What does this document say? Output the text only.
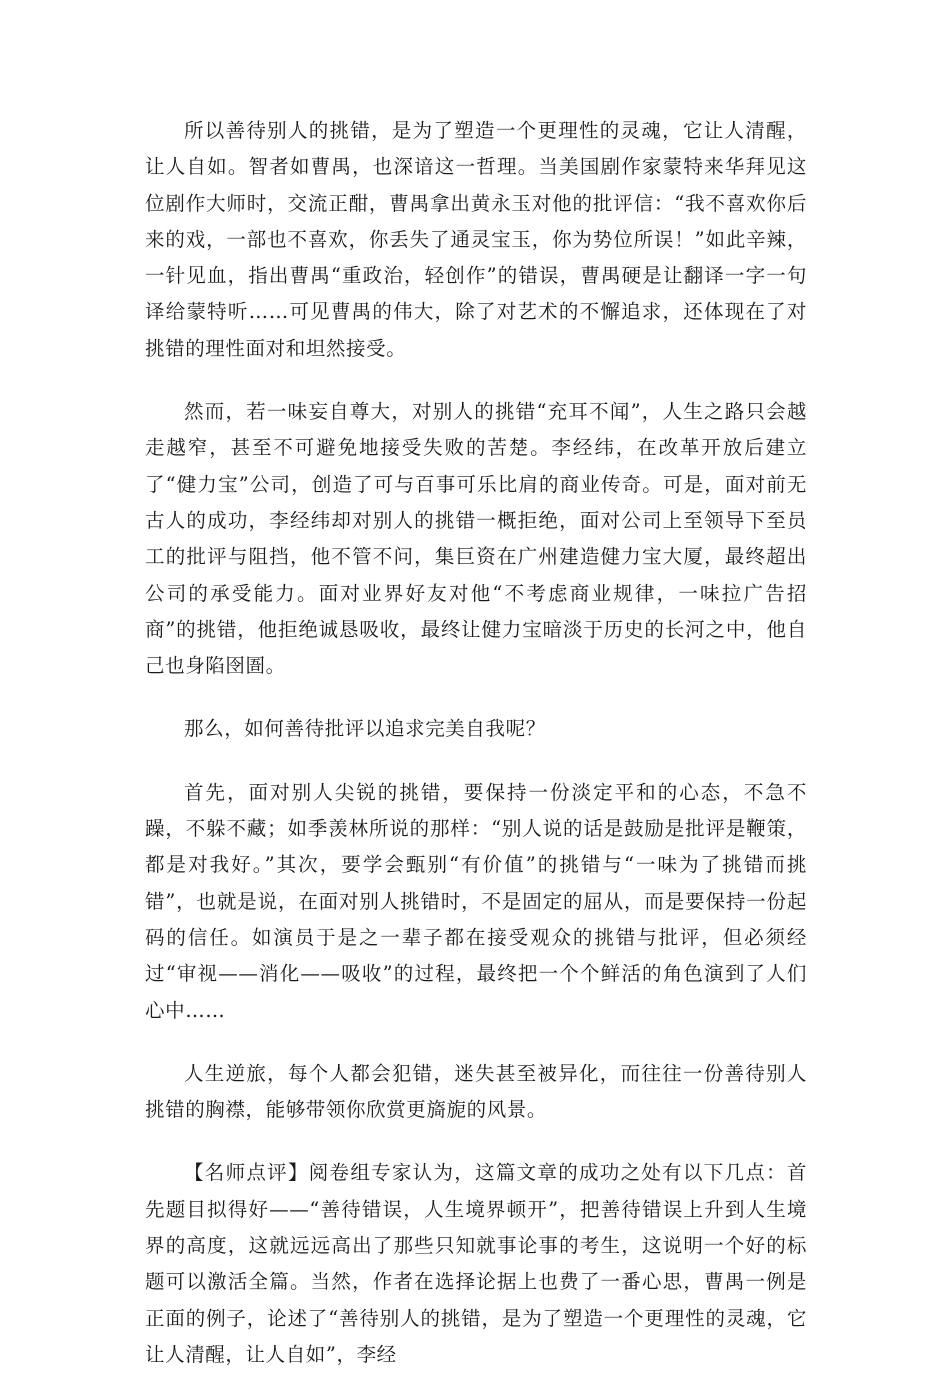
所以善待别人的挑错，是为了塑造一个更理性的灵魂，它让人清醒，让人自如。智者如曹禺，也深谙这一哲理。当美国剧作家蒙特来华拜见这位剧作大师时，交流正酣，曹禺拿出黄永玉对他的批评信：“我不喜欢你后来的戏，一部也不喜欢，你丢失了通灵宝玉，你为势位所误！”如此辛辣，一针见血，指出曹禺“重政治，轻创作”的错误，曹禺硬是让翻译一字一句译给蒙特听……可见曹禺的伟大，除了对艺术的不懈追求，还体现在了对挑错的理性面对和坦然接受。

然而，若一味妄自尊大，对别人的挑错“充耳不闻”，人生之路只会越走越窄，甚至不可避免地接受失败的苦楚。李经纬，在改革开放后建立了“健力宝”公司，创造了可与百事可乐比肩的商业传奇。可是，面对前无古人的成功，李经纬却对别人的挑错一概拒绝，面对公司上至领导下至员工的批评与阻挡，他不管不问，集巨资在广州建造健力宝大厦，最终超出公司的承受能力。面对业界好友对他“不考虑商业规律，一味拉广告招商”的挑错，他拒绝诚恳吸收，最终让健力宝暗淡于历史的长河之中，他自己也身陷囹圄。

那么，如何善待批评以追求完美自我呢？

首先，面对别人尖锐的挑错，要保持一份淡定平和的心态，不急不躁，不躲不藏；如季羡林所说的那样：“别人说的话是鼓励是批评是鞭策，都是对我好。”其次，要学会甄别“有价值”的挑错与“一味为了挑错而挑错”，也就是说，在面对别人挑错时，不是固定的屈从，而是要保持一份起码的信任。如演员于是之一辈子都在接受观众的挑错与批评，但必须经过“审视——消化——吸收”的过程，最终把一个个鲜活的角色演到了人们心中……

人生逆旅，每个人都会犯错，迷失甚至被异化，而往往一份善待别人挑错的胸襟，能够带领你欣赏更旖旎的风景。

【名师点评】阅卷组专家认为，这篇文章的成功之处有以下几点：首先题目拟得好——“善待错误，人生境界顿开”，把善待错误上升到人生境界的高度，这就远远高出了那些只知就事论事的考生，这说明一个好的标题可以激活全篇。当然，作者在选择论据上也费了一番心思，曹禺一例是正面的例子，论述了“善待别人的挑错，是为了塑造一个更理性的灵魂，它让人清醒，让人自如”，李经
